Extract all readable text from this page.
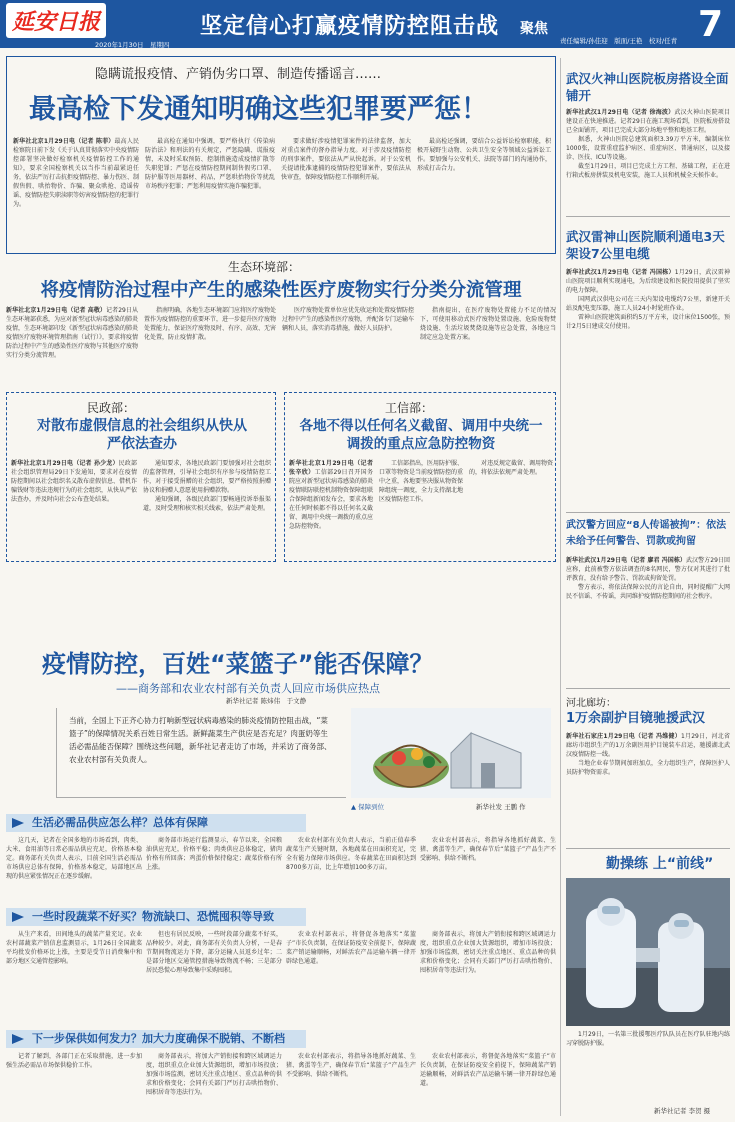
延安日报	坚定信心打赢疫情防控阻击战 聚焦	7
责任编辑/孙佳迎　版面/王艳　校对/任青
2020年1月30日　星期四
隐瞒谎报疫情、产销伪劣口罩、制造传播谣言……
最高检下发通知明确这些犯罪要严惩！

新华社北京1月29日电（记者 陈菲）最高人民检察院日前下发《关于认真贯彻落实中央疫情防控部署坚决做好检察机关疫情防控工作的通知》，要求全国检察机关以当作当前最紧迫任务，依法严厉打击抗拒疫情防控、暴力伤医、制假售假、哄抬物价、诈骗、聚众哄抢、造谣传谣、疫情防控失职渎职等妨害疫情防控的犯罪行为。

最高检在通知中强调，要严格执行《传染病防治法》和刑法的有关规定，严惩隐瞒、谎报疫情，未及时采取预防、控制措施造成疫情扩散等失职犯罪；严惩在疫情防控期间制售假劣口罩、防护服等医用器材、药品，严惩哄抬物价等扰乱市场秩序犯罪；严惩利用疫情实施诈骗犯罪。

要求做好涉疫情犯罪案件的法律监督，加大对重点案件的督办指导力度。对于涉及疫情防控的刑事案件，要依法从严从快起诉。对于公安机关提请批准逮捕的疫情防控犯罪案件，要依法从快审查，保障疫情防控工作顺利开展。

最高检还强调，要结合公益诉讼检察职能，积极开展野生动物、公共卫生安全等领域公益诉讼工作。要加强与公安机关、法院等部门的沟通协作，形成打击合力。

生态环境部：
将疫情防治过程中产生的感染性医疗废物实行分类分流管理

新华社北京1月29日电（记者 高敬）记者29日从生态环境部获悉，为应对新型冠状病毒感染的肺炎疫情，生态环境部印发《新型冠状病毒感染的肺炎疫情医疗废物环境管理指南（试行）》，要求将疫情防治过程中产生的感染性医疗废物与其他医疗废物实行分类分流管理。

指南明确，各地生态环境部门应将医疗废物处置作为疫情防控的重要环节，进一步提升医疗废物处置能力，保证医疗废物及时、有序、高效、无害化处置，防止疫情扩散。

医疗废物处置单位应优先收运和处置疫情防控过程中产生的感染性医疗废物，并配备专门运输车辆和人员，落实消毒措施，做好人员防护。

指南提出，在医疗废物处置能力不足的情况下，可使用移动式医疗废物处置设施、危险废物焚烧设施、生活垃圾焚烧设施等应急处置，各地应当制定应急处置方案。

民政部：
对散布虚假信息的社会组织从快从严依法查办

新华社北京1月29日电（记者 孙少龙）民政部社会组织管理局29日下发通知，要求对在疫情防控期间以社会组织名义散布虚假信息、借机诈骗钱财等违法违规行为的社会组织，从快从严依法查办，并及时向社会公布查处结果。

通知要求，各地民政部门要加强对社会组织的监督管理，引导社会组织有序参与疫情防控工作，对于接受捐赠的社会组织，要严格按照捐赠协议和捐赠人意愿使用捐赠款物。

通知强调，各级民政部门要畅通投诉举报渠道，及时受理和核实相关线索，依法严肃处理。

工信部：
各地不得以任何名义截留、调用中央统一调拨的重点应急防控物资

新华社北京1月29日电（记者 张辛欣）工信部29日召开国务院应对新型冠状病毒感染的肺炎疫情联防联控机制物资保障组联合保障组新闻发布会，要求各地在任何时候都不得以任何名义截留、调用中央统一调拨的重点应急防控物资。

工信部指出，医用防护服、口罩等物资是当前疫情防控的重中之重，各地要坚决服从物资保障组统一调度，全力支持湖北地区疫情防控工作。

对违反规定截留、调用物资的，将依法依规严肃处理。

疫情防控，百姓“菜篮子”能否保障？
——商务部和农业农村部有关负责人回应市场供应热点
新华社记者 陈炜伟　于文静
当前，全国上下正齐心协力打响新型冠状病毒感染的肺炎疫情防控阻击战，“菜篮子”的保障情况关系百姓日常生活。新鲜蔬菜生产供应是否充足？肉蛋奶等生活必需品能否保障？围绕这些问题，新华社记者走访了市场，并采访了商务部、农业农村部有关负责人。
▲ 保障到位	新华社发 王鹏 作
生活必需品供应怎么样？总体有保障

这几天，记者在全国多地的市场看到，肉类、大米、食用油等日常必需品供应充足，价格基本稳定。商务部有关负责人表示，目前全国生活必需品市场供应总体有保障，价格基本稳定，局部地区出现的供应紧张情况正在逐步缓解。

商务部市场运行监测显示，春节以来，全国粮油供应充足，价格平稳；肉类供应总体稳定，猪肉价格有所回落；鸡蛋价格保持稳定；蔬菜价格有所上涨。

农业农村部有关负责人表示，当前正值春季蔬菜生产关键时期，各地蔬菜在田面积充足，完全有能力保障市场供应。冬春蔬菜在田面积达到8700多万亩，比上年增加100多万亩。

农业农村部表示，将指导各地抓好蔬菜、生猪、禽蛋等生产，确保春节后“菜篮子”产品生产不受影响、供给不断档。

一些时段蔬菜不好买？物流缺口、恐慌囤积等导致

从生产来看，田间地头的蔬菜产量充足。农业农村部蔬菜产销信息监测显示，1月26日全国蔬菜平均批发价格环比上涨，主要是受节日消费集中和部分地区交通管控影响。

但也有居民反映，一些时段部分蔬菜不好买，品种较少。对此，商务部有关负责人分析，一是春节期间物流运力下降，部分运输人员返乡过年；二是部分地区交通管控措施导致物流不畅；三是部分居民恐慌心理导致集中采购囤积。

农业农村部表示，将督促各地落实“菜篮子”市长负责制，在保证防疫安全前提下，保障蔬菜产销运输顺畅，对鲜活农产品运输车辆一律开辟绿色通道。

商务部表示，将加大产销衔接和跨区域调运力度，组织重点企业加大货源组织，增加市场投放；加强市场监测，密切关注重点地区、重点品种的供求和价格变化；会同有关部门严厉打击哄抬物价、囤积居奇等违法行为。

下一步保供如何发力？加大力度确保不脱销、不断档

记者了解到，各部门正在采取措施，进一步加强生活必需品市场保供稳价工作。

商务部表示，将加大产销衔接和跨区域调运力度，组织重点企业加大货源组织，增加市场投放；加强市场监测，密切关注重点地区、重点品种的供求和价格变化；会同有关部门严厉打击哄抬物价、囤积居奇等违法行为。

农业农村部表示，将指导各地抓好蔬菜、生猪、禽蛋等生产，确保春节后“菜篮子”产品生产不受影响、供给不断档。

农业农村部表示，将督促各地落实“菜篮子”市长负责制，在保证防疫安全前提下，保障蔬菜产销运输顺畅，对鲜活农产品运输车辆一律开辟绿色通道。

武汉火神山医院板房搭设全面铺开

新华社武汉1月29日电（记者 徐海波）武汉火神山医院项目建设正在快速推进。记者29日在施工现场看到，医院板房搭设已全面铺开，项目已完成大部分场地平整和地基工程。

据悉，火神山医院总建筑面积3.39万平方米，编制床位1000张，设置重症监护病区、重症病区、普通病区，以及接诊、医技、ICU等设施。

截至1月29日，项目已完成土方工程、基础工程，正在进行箱式板房拼装及机电安装，施工人员和机械全天候作业。

武汉雷神山医院顺利通电3天架设7公里电缆

新华社武汉1月29日电（记者 冯国栋）1月29日，武汉雷神山医院项目顺利实现通电，为后续建设和医院投用提供了坚实的电力保障。

国网武汉供电公司在三天内架设电缆约7公里，新建开关站及配电变压器，施工人员24小时轮班作业。

雷神山医院建筑面积约5万平方米，设计床位1500张，预计2月5日建成交付使用。

武汉警方回应“8人传谣被拘”：依法未给予任何警告、罚款或拘留

新华社武汉1月29日电（记者 廖君 冯国栋）武汉警方29日回应称，此前被警方依法调查的8名网民，警方仅对其进行了批评教育，没有给予警告、罚款或拘留处罚。

警方表示，将依法保障公民的言论自由，同时提醒广大网民不信谣、不传谣，共同维护疫情防控期间的社会秩序。

河北廊坊：
1万余副护目镜驰援武汉

新华社石家庄1月29日电（记者 冯维健）1月29日，河北省廊坊市组织生产的1万余副医用护目镜装车启运，驰援湖北武汉疫情防控一线。

当地企业春节期间加班加点，全力组织生产，保障医护人员防护物资需求。

勤操练 上“前线”

1月29日，一名第三批援鄂医疗队队员在医疗队驻地内练习穿脱防护服。

新华社记者 李贺 摄
